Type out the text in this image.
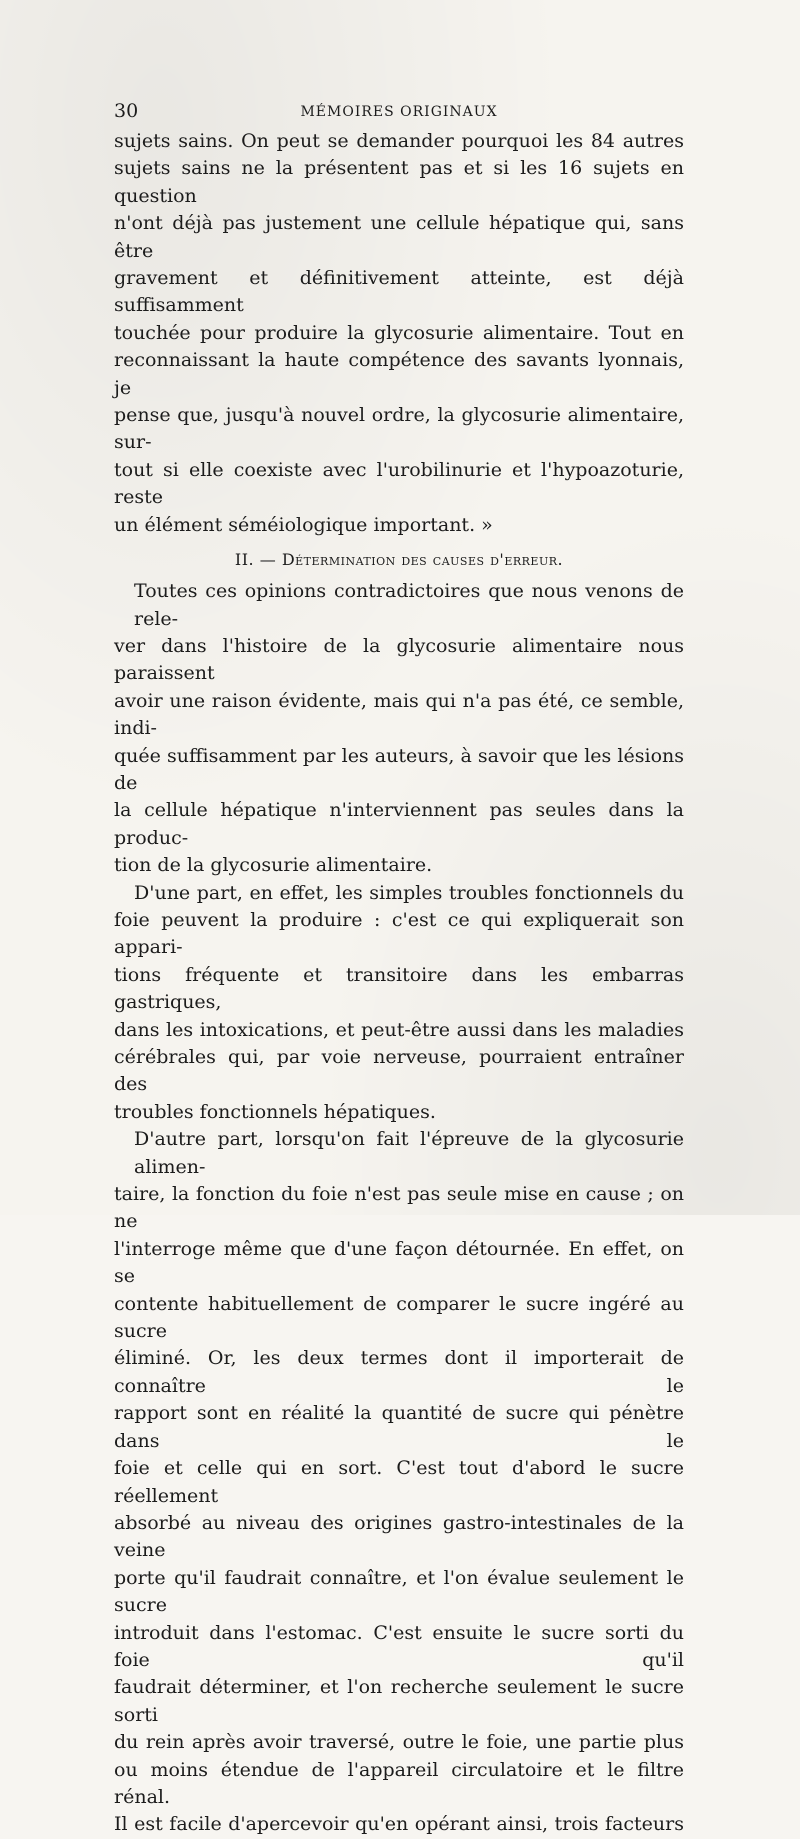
30	MÉMOIRES ORIGINAUX
sujets sains. On peut se demander pourquoi les 84 autres
sujets sains ne la présentent pas et si les 16 sujets en question
n'ont déjà pas justement une cellule hépatique qui, sans être
gravement et définitivement atteinte, est déjà suffisamment
touchée pour produire la glycosurie alimentaire. Tout en
reconnaissant la haute compétence des savants lyonnais, je
pense que, jusqu'à nouvel ordre, la glycosurie alimentaire, sur-
tout si elle coexiste avec l'urobilinurie et l'hypoazoturie, reste
un élément séméiologique important. »
II. — Détermination des causes d'erreur.
Toutes ces opinions contradictoires que nous venons de rele-
ver dans l'histoire de la glycosurie alimentaire nous paraissent
avoir une raison évidente, mais qui n'a pas été, ce semble, indi-
quée suffisamment par les auteurs, à savoir que les lésions de
la cellule hépatique n'interviennent pas seules dans la produc-
tion de la glycosurie alimentaire.
D'une part, en effet, les simples troubles fonctionnels du
foie peuvent la produire : c'est ce qui expliquerait son appari-
tions fréquente et transitoire dans les embarras gastriques,
dans les intoxications, et peut-être aussi dans les maladies
cérébrales qui, par voie nerveuse, pourraient entraîner des
troubles fonctionnels hépatiques.
D'autre part, lorsqu'on fait l'épreuve de la glycosurie alimen-
taire, la fonction du foie n'est pas seule mise en cause ; on ne
l'interroge même que d'une façon détournée. En effet, on se
contente habituellement de comparer le sucre ingéré au sucre
éliminé. Or, les deux termes dont il importerait de connaître le
rapport sont en réalité la quantité de sucre qui pénètre dans le
foie et celle qui en sort. C'est tout d'abord le sucre réellement
absorbé au niveau des origines gastro-intestinales de la veine
porte qu'il faudrait connaître, et l'on évalue seulement le sucre
introduit dans l'estomac. C'est ensuite le sucre sorti du foie qu'il
faudrait déterminer, et l'on recherche seulement le sucre sorti
du rein après avoir traversé, outre le foie, une partie plus
ou moins étendue de l'appareil circulatoire et le filtre rénal.
Il est facile d'apercevoir qu'en opérant ainsi, trois facteurs
